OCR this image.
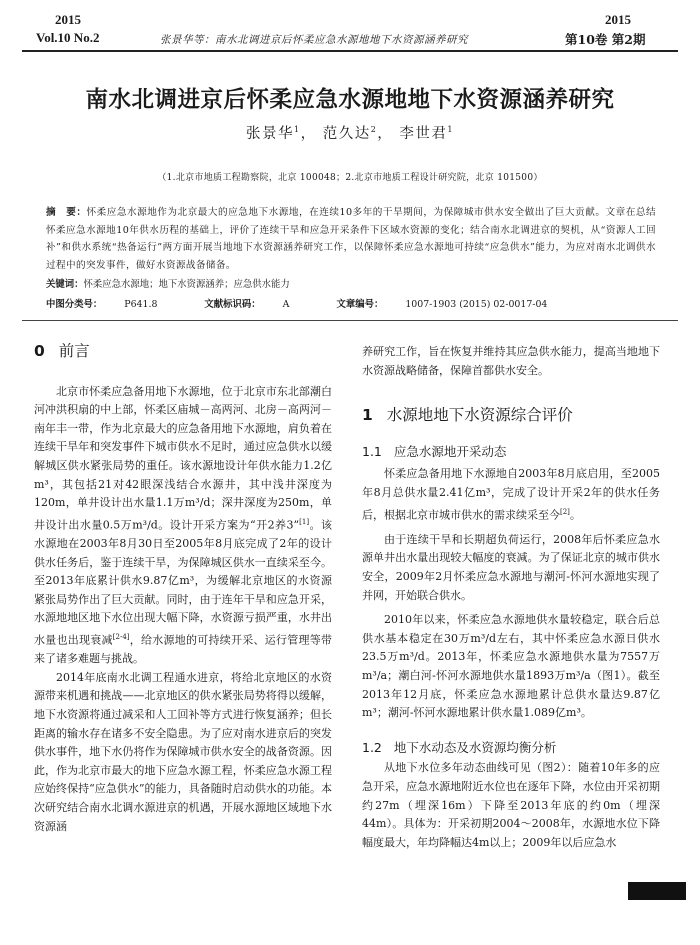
2015
Vol.10 No.2	张景华等：南水北调进京后怀柔应急水源地地下水资源涵养研究
2015
第10卷 第2期
南水北调进京后怀柔应急水源地地下水资源涵养研究
张景华$^1$， 范久达$^2$， 李世君$^1$
（1.北京市地质工程勘察院，北京 100048；2.北京市地质工程设计研究院，北京 101500）
摘　要：怀柔应急水源地作为北京最大的应急地下水源地，在连续10多年的干旱期间，为保障城市供水安全做出了巨大贡献。文章在总结怀柔应急水源地10年供水历程的基础上，评价了连续干旱和应急开采条件下区域水资源的变化；结合南水北调进京的契机，从“资源人工回补”和供水系统“热备运行”两方面开展当地地下水资源涵养研究工作，以保障怀柔应急水源地可持续“应急供水”能力，为应对南水北调供水过程中的突发事件，做好水资源战备储备。
关键词：怀柔应急水源地；地下水资源涵养；应急供水能力
中图分类号： P641.8	文献标识码： A	文章编号： 1007-1903 (2015) 02-0017-04
0 前言

北京市怀柔应急备用地下水源地，位于北京市东北部潮白河冲洪积扇的中上部，怀柔区庙城－高两河、北房－高两河－南年丰一带，作为北京最大的应急备用地下水源地，肩负着在连续干旱年和突发事件下城市供水不足时，通过应急供水以缓解城区供水紧张局势的重任。该水源地设计年供水能力1.2亿m³，其包括21对42眼深浅结合水源井，其中浅井深度为120m，单井设计出水量1.1万m³/d；深井深度为250m，单井设计出水量0.5万m³/d。设计开采方案为“开2养3”[1]。该水源地在2003年8月30日至2005年8月底完成了2年的设计供水任务后，鉴于连续干旱，为保障城区供水一直续采至今。至2013年底累计供水9.87亿m³，为缓解北京地区的水资源紧张局势作出了巨大贡献。同时，由于连年干旱和应急开采，水源地地区地下水位出现大幅下降，水资源亏损严重，水井出水量也出现衰减[2-4]，给水源地的可持续开采、运行管理等带来了诸多难题与挑战。

2014年底南水北调工程通水进京，将给北京地区的水资源带来机遇和挑战——北京地区的供水紧张局势将得以缓解，地下水资源将通过减采和人工回补等方式进行恢复涵养；但长距离的输水存在诸多不安全隐患。为了应对南水进京后的突发供水事件，地下水仍将作为保障城市供水安全的战备资源。因此，作为北京市最大的地下应急水源工程，怀柔应急水源工程应始终保持“应急供水”的能力，具备随时启动供水的功能。本次研究结合南水北调水源进京的机遇，开展水源地区域地下水资源涵

养研究工作，旨在恢复并维持其应急供水能力，提高当地地下水资源战略储备，保障首都供水安全。

1 水源地地下水资源综合评价
1.1 应急水源地开采动态

怀柔应急备用地下水源地自2003年8月底启用，至2005年8月总供水量2.41亿m³，完成了设计开采2年的供水任务后，根据北京市城市供水的需求续采至今[2]。

由于连续干旱和长期超负荷运行，2008年后怀柔应急水源单井出水量出现较大幅度的衰减。为了保证北京的城市供水安全，2009年2月怀柔应急水源地与潮河-怀河水源地实现了并网，开始联合供水。

2010年以来，怀柔应急水源地供水量较稳定，联合后总供水基本稳定在30万m³/d左右，其中怀柔应急水源日供水23.5万m³/d。2013年，怀柔应急水源地供水量为7557万m³/a；潮白河-怀河水源地供水量1893万m³/a（图1）。截至2013年12月底，怀柔应急水源地累计总供水量达9.87亿m³；潮河-怀河水源地累计供水量1.089亿m³。

1.2 地下水动态及水资源均衡分析

从地下水位多年动态曲线可见（图2）：随着10年多的应急开采，应急水源地附近水位也在逐年下降，水位由开采初期约27m（埋深16m）下降至2013年底的约0m（埋深44m）。具体为：开采初期2004～2008年，水源地水位下降幅度最大，年均降幅达4m以上；2009年以后应急水
